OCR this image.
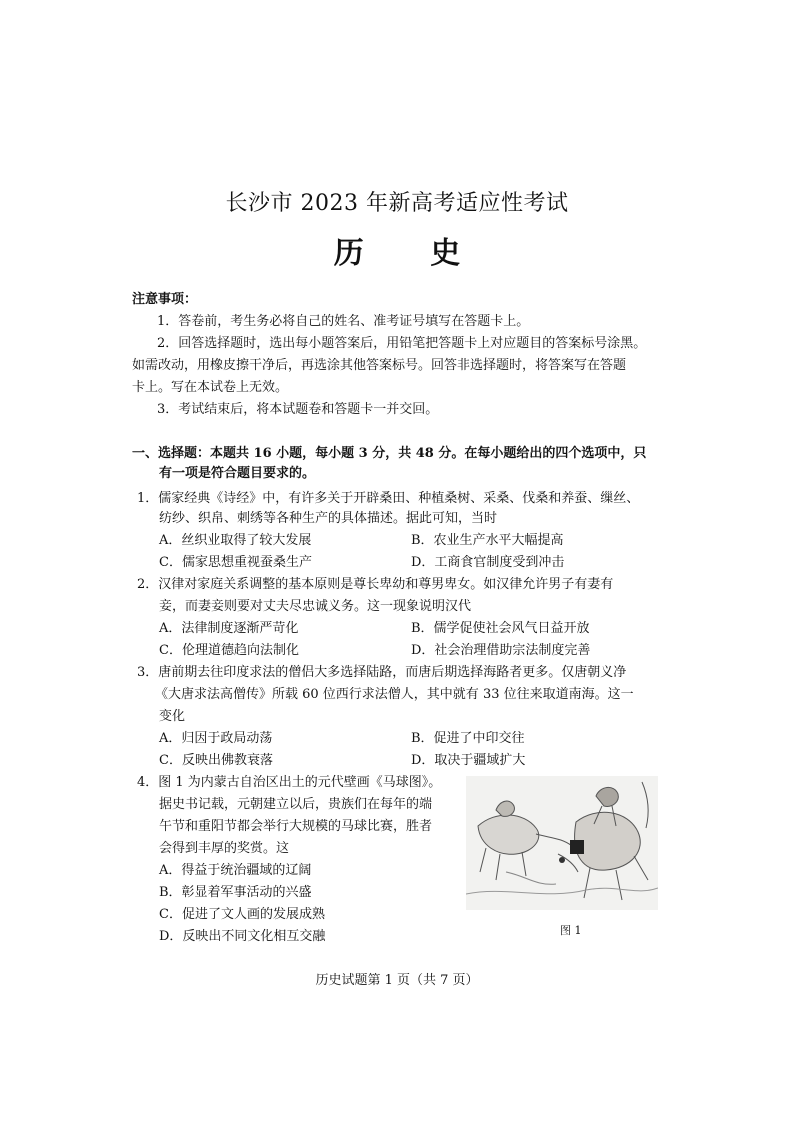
长沙市 2023 年新高考适应性考试
历 史
注意事项：
1．答卷前，考生务必将自己的姓名、准考证号填写在答题卡上。
2．回答选择题时，选出每小题答案后，用铅笔把答题卡上对应题目的答案标号涂黑。
如需改动，用橡皮擦干净后，再选涂其他答案标号。回答非选择题时，将答案写在答题
卡上。写在本试卷上无效。
3．考试结束后，将本试题卷和答题卡一并交回。
一、选择题：本题共 16 小题，每小题 3 分，共 48 分。在每小题给出的四个选项中，只
有一项是符合题目要求的。
1．儒家经典《诗经》中，有许多关于开辟桑田、种植桑树、采桑、伐桑和养蚕、缫丝、
纺纱、织帛、刺绣等各种生产的具体描述。据此可知，当时
A．丝织业取得了较大发展	B．农业生产水平大幅提高
C．儒家思想重视蚕桑生产	D．工商食官制度受到冲击
2．汉律对家庭关系调整的基本原则是尊长卑幼和尊男卑女。如汉律允许男子有妻有
妾，而妻妾则要对丈夫尽忠诚义务。这一现象说明汉代
A．法律制度逐渐严苛化	B．儒学促使社会风气日益开放
C．伦理道德趋向法制化	D．社会治理借助宗法制度完善
3．唐前期去往印度求法的僧侣大多选择陆路，而唐后期选择海路者更多。仅唐朝义净
《大唐求法高僧传》所载 60 位西行求法僧人，其中就有 33 位往来取道南海。这一
变化
A．归因于政局动荡	B．促进了中印交往
C．反映出佛教衰落	D．取决于疆域扩大
4．图 1 为内蒙古自治区出土的元代壁画《马球图》。
据史书记载，元朝建立以后，贵族们在每年的端
午节和重阳节都会举行大规模的马球比赛，胜者
会得到丰厚的奖赏。这
A．得益于统治疆域的辽阔
B．彰显着军事活动的兴盛
C．促进了文人画的发展成熟
D．反映出不同文化相互交融	图 1
历史试题第 1 页（共 7 页）
